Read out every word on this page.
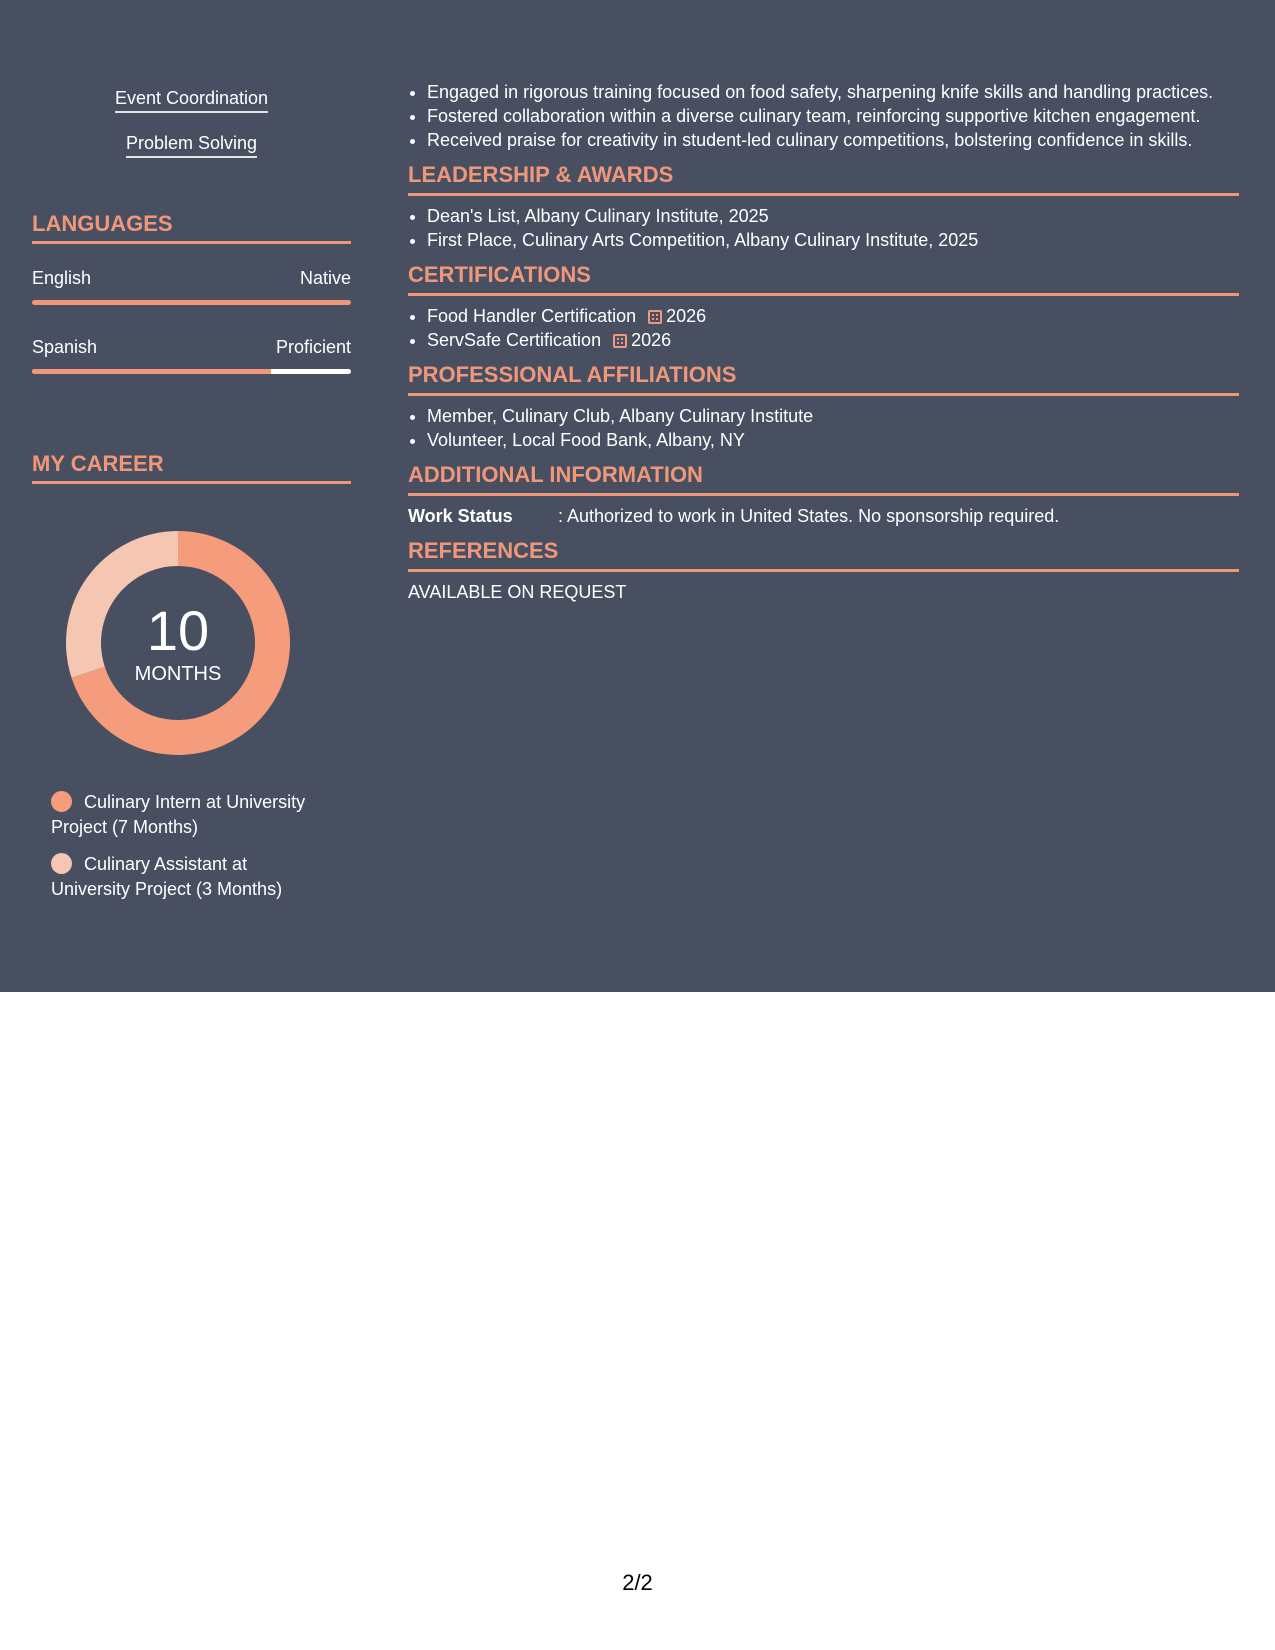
Event Coordination

Problem Solving

LANGUAGES
English	Native
Spanish	Proficient
MY CAREER
10
MONTHS
Culinary Intern at University Project (7 Months)
Culinary Assistant at University Project (3 Months)
• Engaged in rigorous training focused on food safety, sharpening knife skills and handling practices.
• Fostered collaboration within a diverse culinary team, reinforcing supportive kitchen engagement.
• Received praise for creativity in student-led culinary competitions, bolstering confidence in skills.
LEADERSHIP & AWARDS
• Dean's List, Albany Culinary Institute, 2025
• First Place, Culinary Arts Competition, Albany Culinary Institute, 2025
CERTIFICATIONS
• Food Handler Certification 2026
• ServSafe Certification 2026
PROFESSIONAL AFFILIATIONS
• Member, Culinary Club, Albany Culinary Institute
• Volunteer, Local Food Bank, Albany, NY
ADDITIONAL INFORMATION
Work Status	: Authorized to work in United States. No sponsorship required.
REFERENCES
AVAILABLE ON REQUEST
2/2
